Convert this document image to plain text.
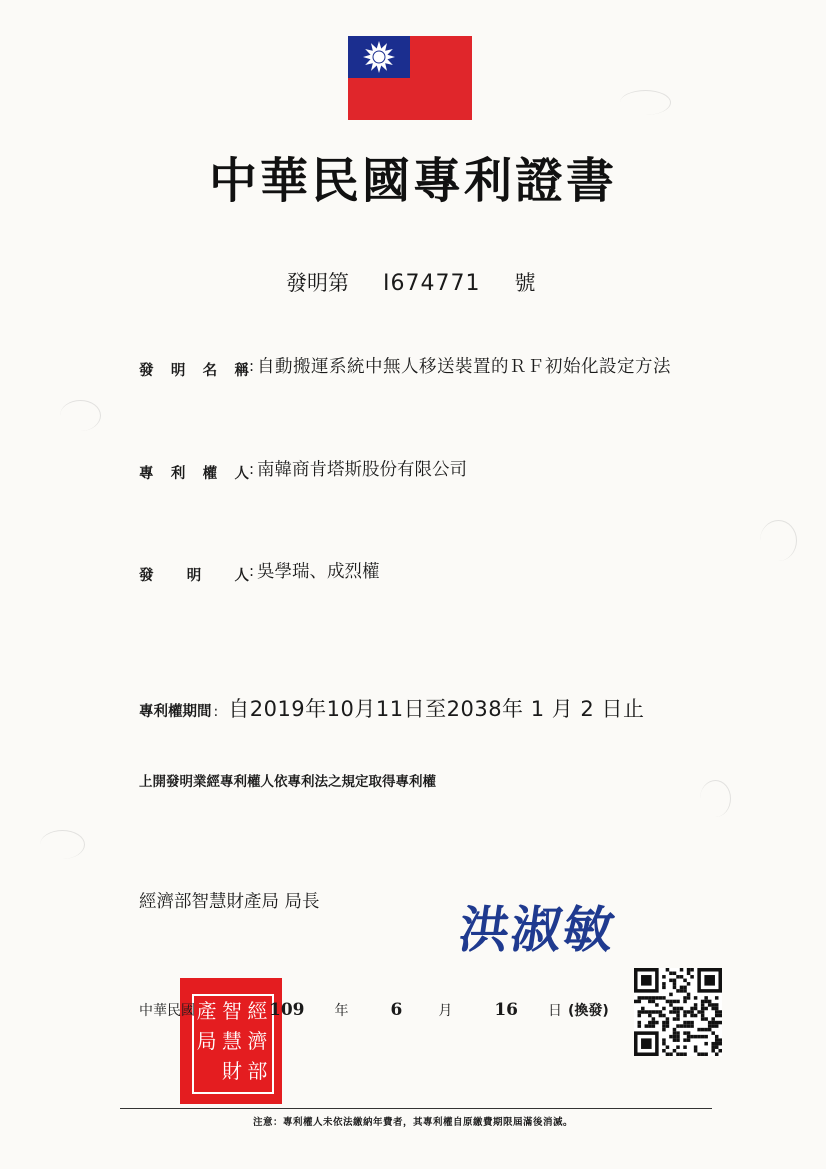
中華民國專利證書
發明第 I674771 號
發 明 名 稱 : 自動搬運系統中無人移送裝置的ＲＦ初始化設定方法
專 利 權 人 : 南韓商肯塔斯股份有限公司
發 明 人 : 吳學瑞、成烈權
專利權期間 : 自2019年10月11日至2038年 1 月 2 日止
上開發明業經專利權人依專利法之規定取得專利權
經濟部智慧財產局 局長	洪淑敏
經
濟
部
智
慧
財
產
局
中華民國	109 年 6	月 16 日 (換發)
注意：專利權人未依法繳納年費者，其專利權自原繳費期限屆滿後消滅。
